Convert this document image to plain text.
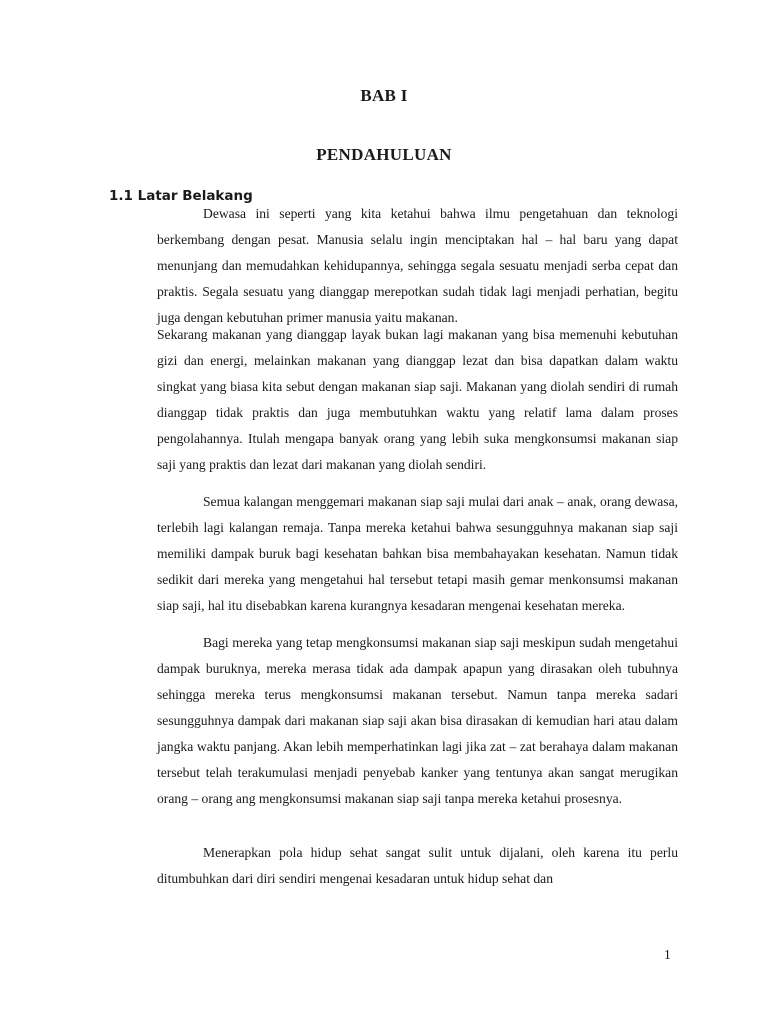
BAB I
PENDAHULUAN
1.1 Latar Belakang

Dewasa ini seperti yang kita ketahui bahwa ilmu pengetahuan dan teknologi berkembang dengan pesat. Manusia selalu ingin menciptakan hal – hal baru yang dapat menunjang dan memudahkan kehidupannya, sehingga segala sesuatu menjadi serba cepat dan praktis. Segala sesuatu yang dianggap merepotkan sudah tidak lagi menjadi perhatian, begitu juga dengan kebutuhan primer manusia yaitu makanan.

Sekarang makanan yang dianggap layak bukan lagi makanan yang bisa memenuhi kebutuhan gizi dan energi, melainkan makanan yang dianggap lezat dan bisa dapatkan dalam waktu singkat yang biasa kita sebut dengan makanan siap saji. Makanan yang diolah sendiri di rumah dianggap tidak praktis dan juga membutuhkan waktu yang relatif lama dalam proses pengolahannya. Itulah mengapa banyak orang yang lebih suka mengkonsumsi makanan siap saji yang praktis dan lezat dari makanan yang diolah sendiri.

Semua kalangan menggemari makanan siap saji mulai dari anak – anak, orang dewasa, terlebih lagi kalangan remaja. Tanpa mereka ketahui bahwa sesungguhnya makanan siap saji memiliki dampak buruk bagi kesehatan bahkan bisa membahayakan kesehatan. Namun tidak sedikit dari mereka yang mengetahui hal tersebut tetapi masih gemar menkonsumsi makanan siap saji, hal itu disebabkan karena kurangnya kesadaran mengenai kesehatan mereka.

Bagi mereka yang tetap mengkonsumsi makanan siap saji meskipun sudah mengetahui dampak buruknya, mereka merasa tidak ada dampak apapun yang dirasakan oleh tubuhnya sehingga mereka terus mengkonsumsi makanan tersebut. Namun tanpa mereka sadari sesungguhnya dampak dari makanan siap saji akan bisa dirasakan di kemudian hari atau dalam jangka waktu panjang. Akan lebih memperhatinkan lagi jika zat – zat berahaya dalam makanan tersebut telah terakumulasi menjadi penyebab kanker yang tentunya akan sangat merugikan orang – orang ang mengkonsumsi makanan siap saji tanpa mereka ketahui prosesnya.

Menerapkan pola hidup sehat sangat sulit untuk dijalani, oleh karena itu perlu ditumbuhkan dari diri sendiri mengenai kesadaran untuk hidup sehat dan

1
